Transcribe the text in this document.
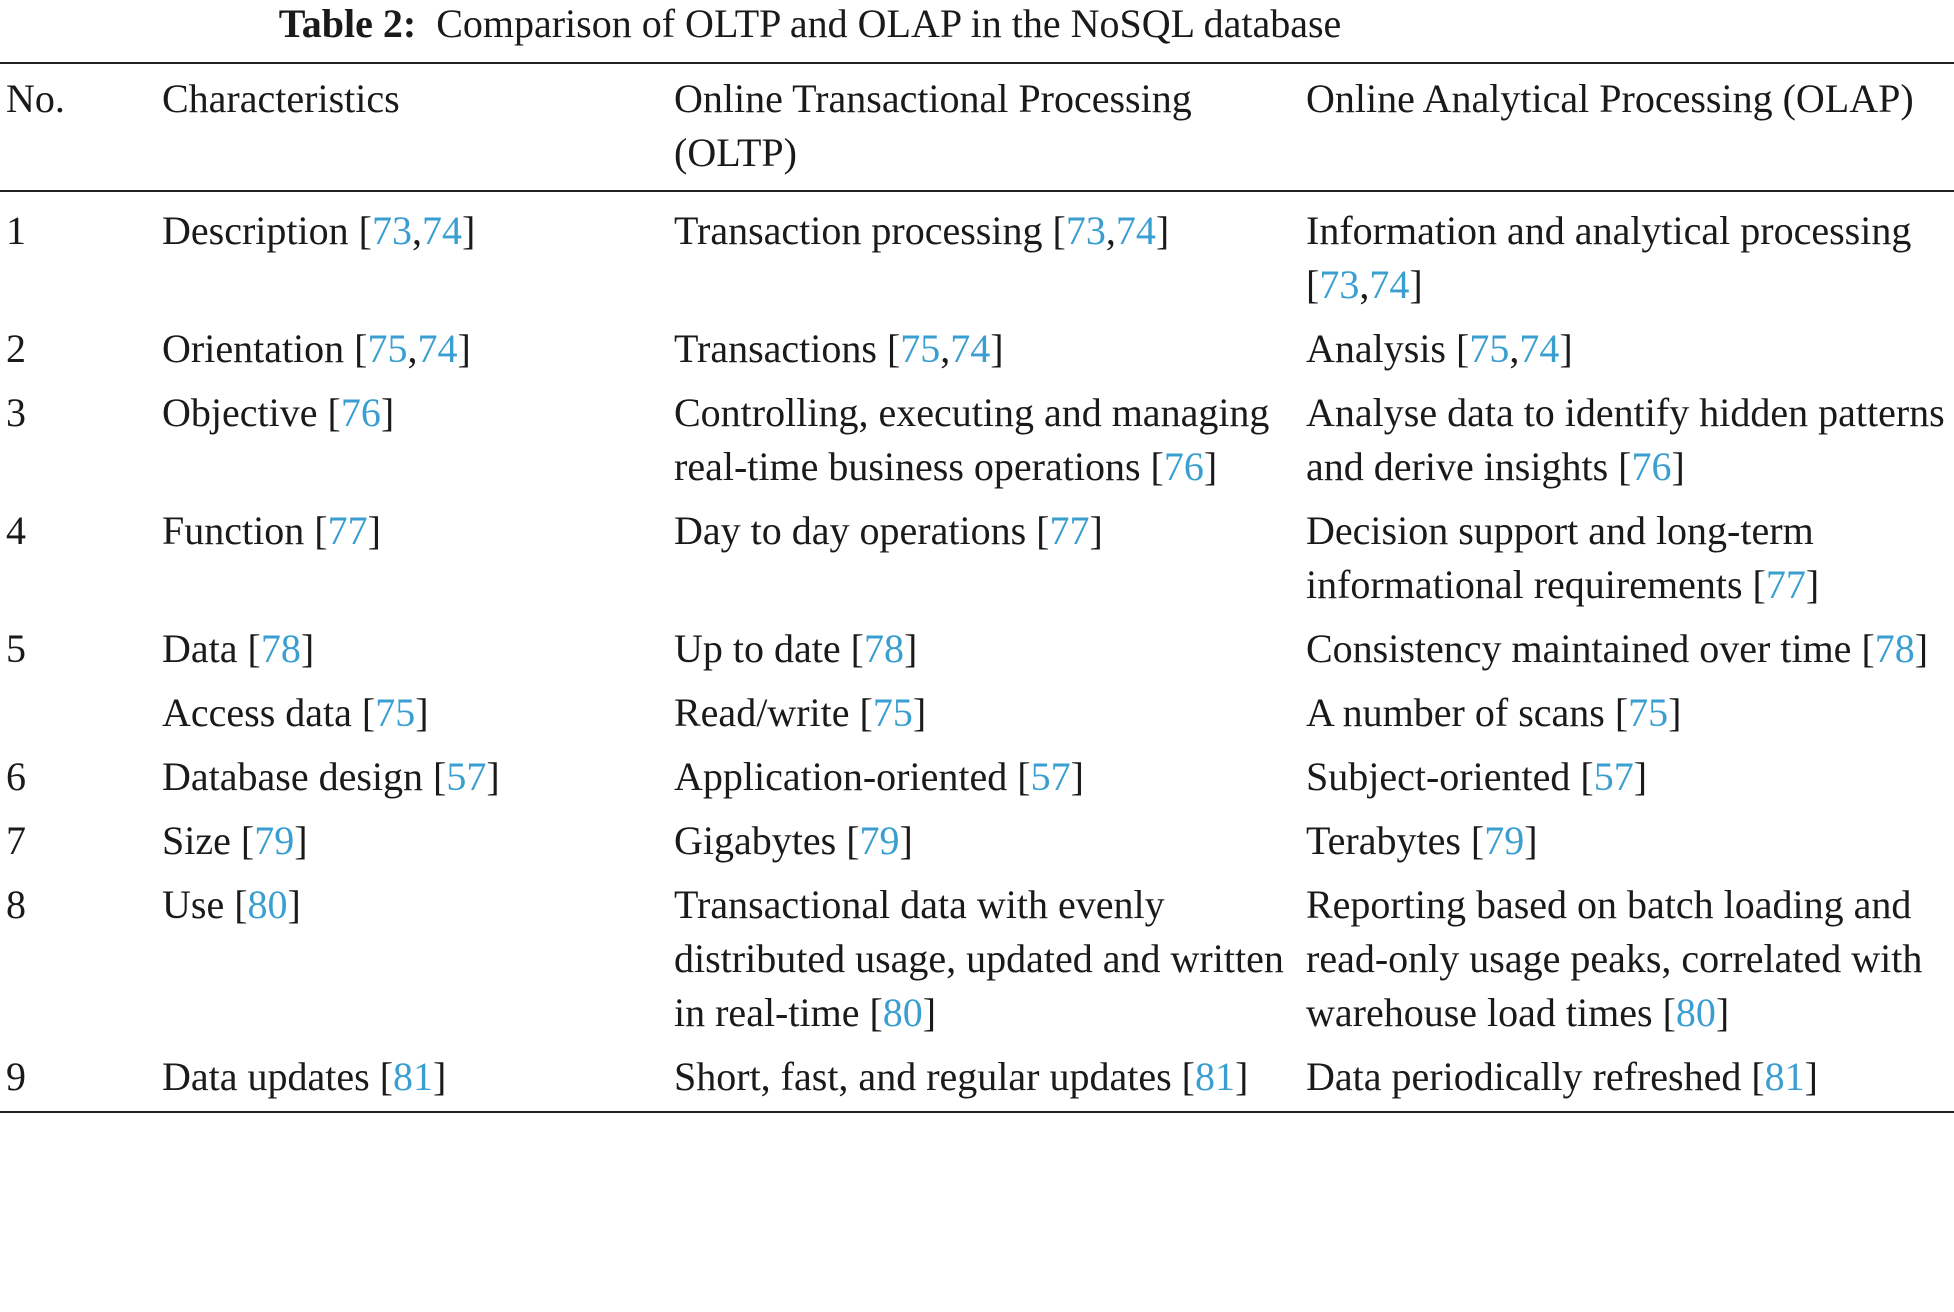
Table 2: Comparison of OLTP and OLAP in the NoSQL database
No.	Characteristics	Online Transactional Processing (OLTP)	Online Analytical Processing (OLAP)
1	Description [73,74]	Transaction processing [73,74]	Information and analytical processing [73,74]
2	Orientation [75,74]	Transactions [75,74]	Analysis [75,74]
3	Objective [76]	Controlling, executing and managing real-time business operations [76]	Analyse data to identify hidden patterns and derive insights [76]
4	Function [77]	Day to day operations [77]	Decision support and long-term informational requirements [77]
5	Data [78]	Up to date [78]	Consistency maintained over time [78]
	Access data [75]	Read/write [75]	A number of scans [75]
6	Database design [57]	Application-oriented [57]	Subject-oriented [57]
7	Size [79]	Gigabytes [79]	Terabytes [79]
8	Use [80]	Transactional data with evenly distributed usage, updated and written in real-time [80]	Reporting based on batch loading and read-only usage peaks, correlated with warehouse load times [80]
9	Data updates [81]	Short, fast, and regular updates [81]	Data periodically refreshed [81]
